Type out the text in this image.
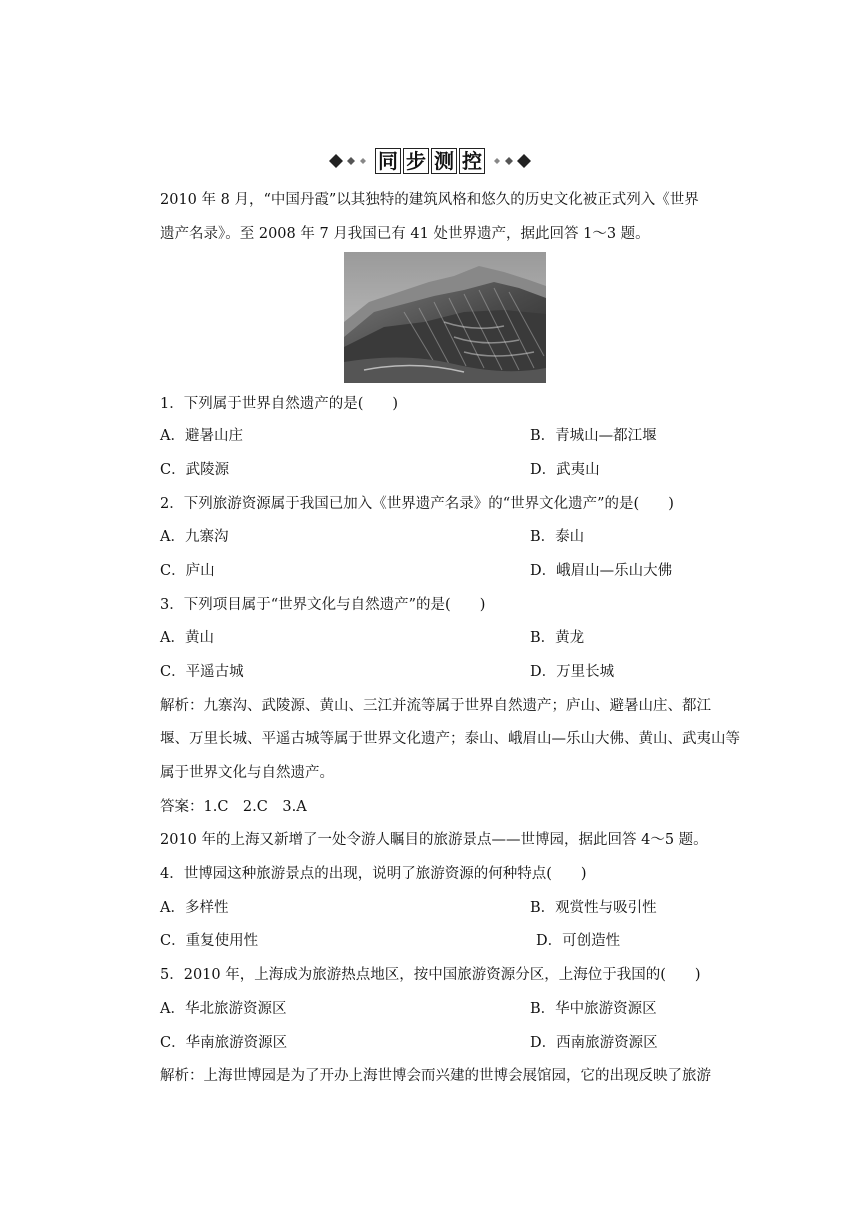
同 步 测 控

2010 年 8 月，“中国丹霞”以其独特的建筑风格和悠久的历史文化被正式列入《世界

遗产名录》。至 2008 年 7 月我国已有 41 处世界遗产，据此回答 1～3 题。

1．下列属于世界自然遗产的是(　　)

A．避暑山庄	B．青城山—都江堰
C．武陵源	D．武夷山

2．下列旅游资源属于我国已加入《世界遗产名录》的“世界文化遗产”的是(　　)

A．九寨沟	B．泰山
C．庐山	D．峨眉山—乐山大佛

3．下列项目属于“世界文化与自然遗产”的是(　　)

A．黄山	B．黄龙
C．平遥古城	D．万里长城

解析：九寨沟、武陵源、黄山、三江并流等属于世界自然遗产；庐山、避暑山庄、都江

堰、万里长城、平遥古城等属于世界文化遗产；泰山、峨眉山—乐山大佛、黄山、武夷山等

属于世界文化与自然遗产。

答案：1.C　2.C　3.A

2010 年的上海又新增了一处令游人瞩目的旅游景点——世博园，据此回答 4～5 题。

4．世博园这种旅游景点的出现，说明了旅游资源的何种特点(　　)

A．多样性	B．观赏性与吸引性
C．重复使用性	D．可创造性

5．2010 年，上海成为旅游热点地区，按中国旅游资源分区，上海位于我国的(　　)

A．华北旅游资源区	B．华中旅游资源区
C．华南旅游资源区	D．西南旅游资源区

解析：上海世博园是为了开办上海世博会而兴建的世博会展馆园，它的出现反映了旅游
